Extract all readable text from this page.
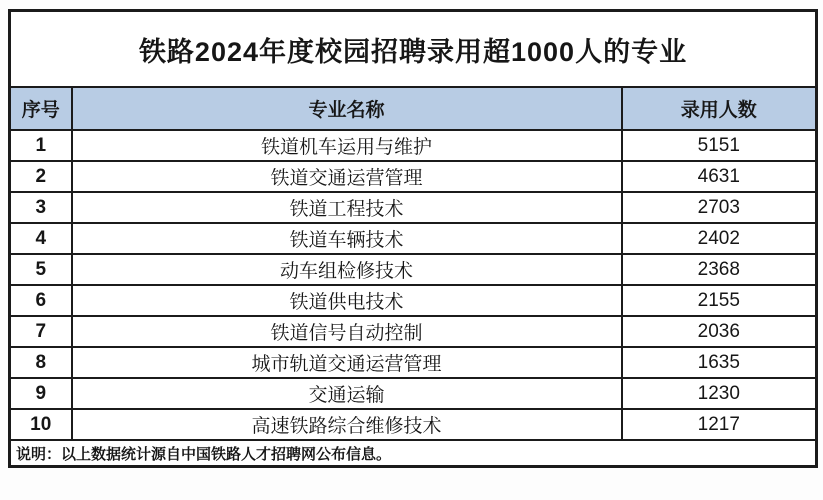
铁路2024年度校园招聘录用超1000人的专业		
序号	专业名称	录用人数
1	铁道机车运用与维护	5151
2	铁道交通运营管理	4631
3	铁道工程技术	2703
4	铁道车辆技术	2402
5	动车组检修技术	2368
6	铁道供电技术	2155
7	铁道信号自动控制	2036
8	城市轨道交通运营管理	1635
9	交通运输	1230
10	高速铁路综合维修技术	1217
说明：以上数据统计源自中国铁路人才招聘网公布信息。		
